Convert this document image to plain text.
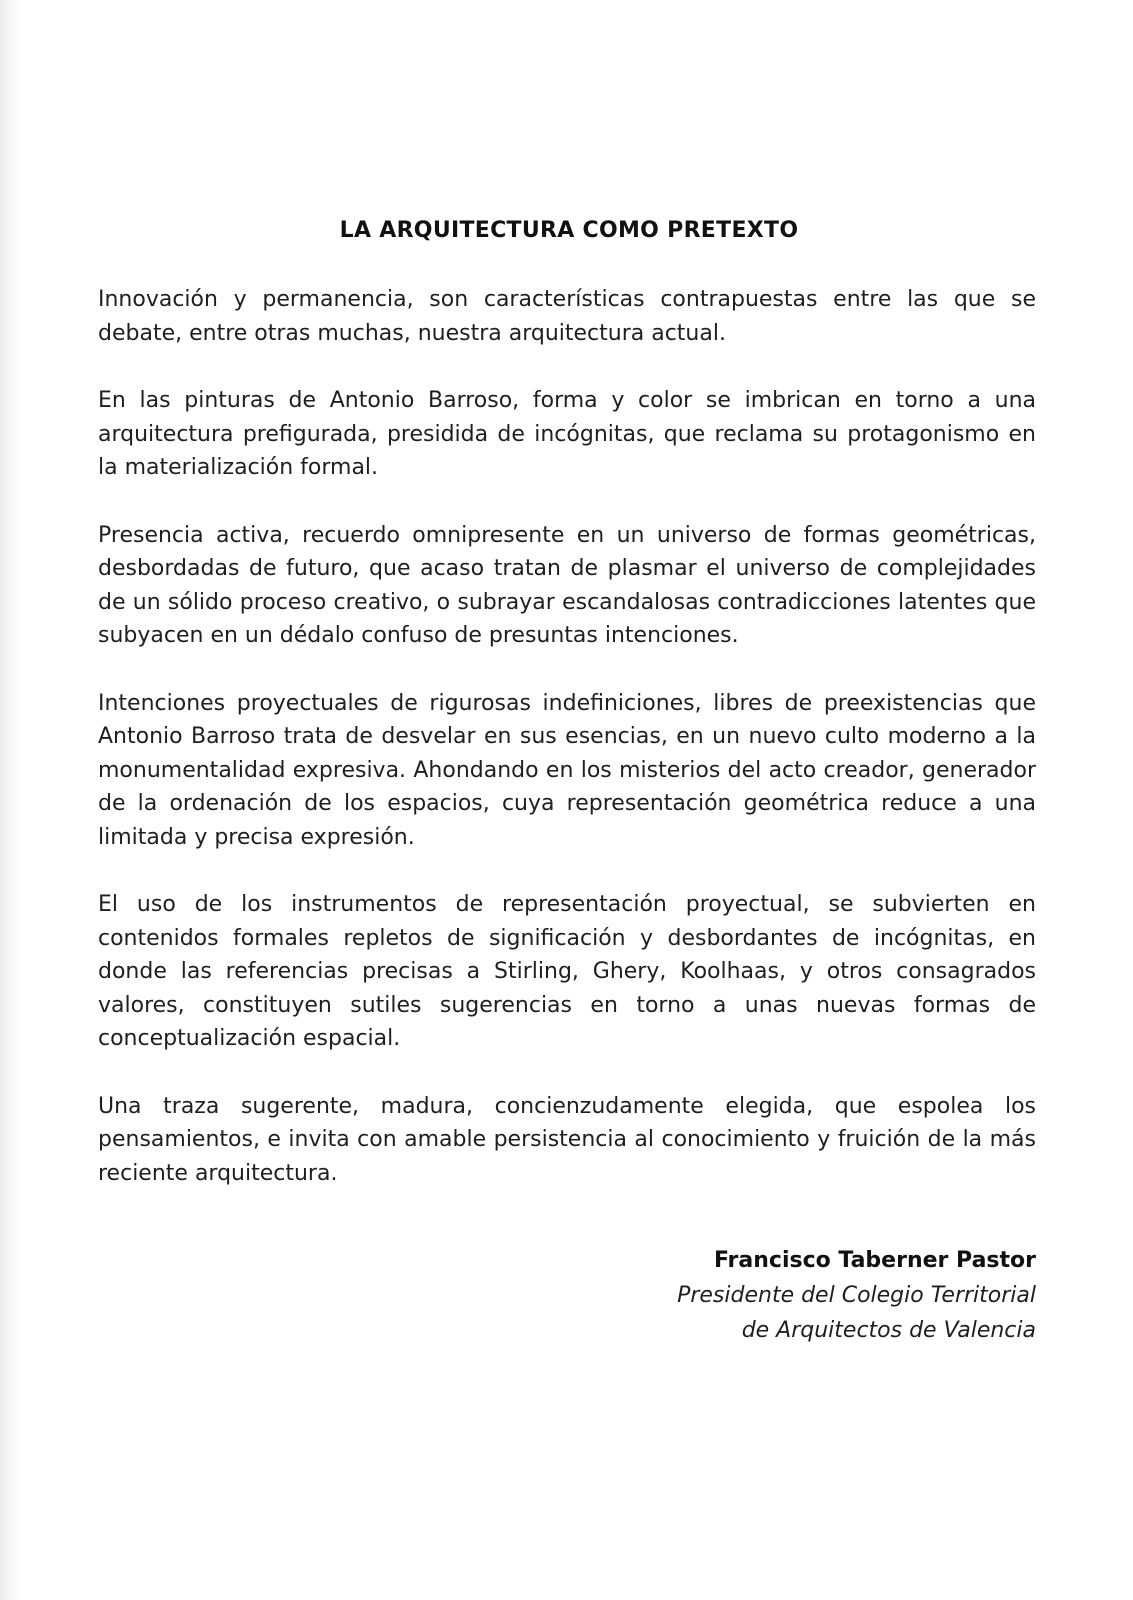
LA ARQUITECTURA COMO PRETEXTO

Innovación y permanencia, son características contrapuestas entre las que se debate, entre otras muchas, nuestra arquitectura actual.

En las pinturas de Antonio Barroso, forma y color se imbrican en torno a una arquitectura prefigurada, presidida de incógnitas, que reclama su protagonismo en la materialización formal.

Presencia activa, recuerdo omnipresente en un universo de formas geométricas, desbordadas de futuro, que acaso tratan de plasmar el universo de complejidades de un sólido proceso creativo, o subrayar escandalosas contradicciones latentes que subyacen en un dédalo confuso de presuntas intenciones.

Intenciones proyectuales de rigurosas indefiniciones, libres de preexistencias que Antonio Barroso trata de desvelar en sus esencias, en un nuevo culto moderno a la monumentalidad expresiva. Ahondando en los misterios del acto creador, generador de la ordenación de los espacios, cuya representación geométrica reduce a una limitada y precisa expresión.

El uso de los instrumentos de representación proyectual, se subvierten en contenidos formales repletos de significación y desbordantes de incógnitas, en donde las referencias precisas a Stirling, Ghery, Koolhaas, y otros consagrados valores, constituyen sutiles sugerencias en torno a unas nuevas formas de conceptualización espacial.

Una traza sugerente, madura, concienzudamente elegida, que espolea los pensamientos, e invita con amable persistencia al conocimiento y fruición de la más reciente arquitectura.

Francisco Taberner Pastor
Presidente del Colegio Territorial
de Arquitectos de Valencia
